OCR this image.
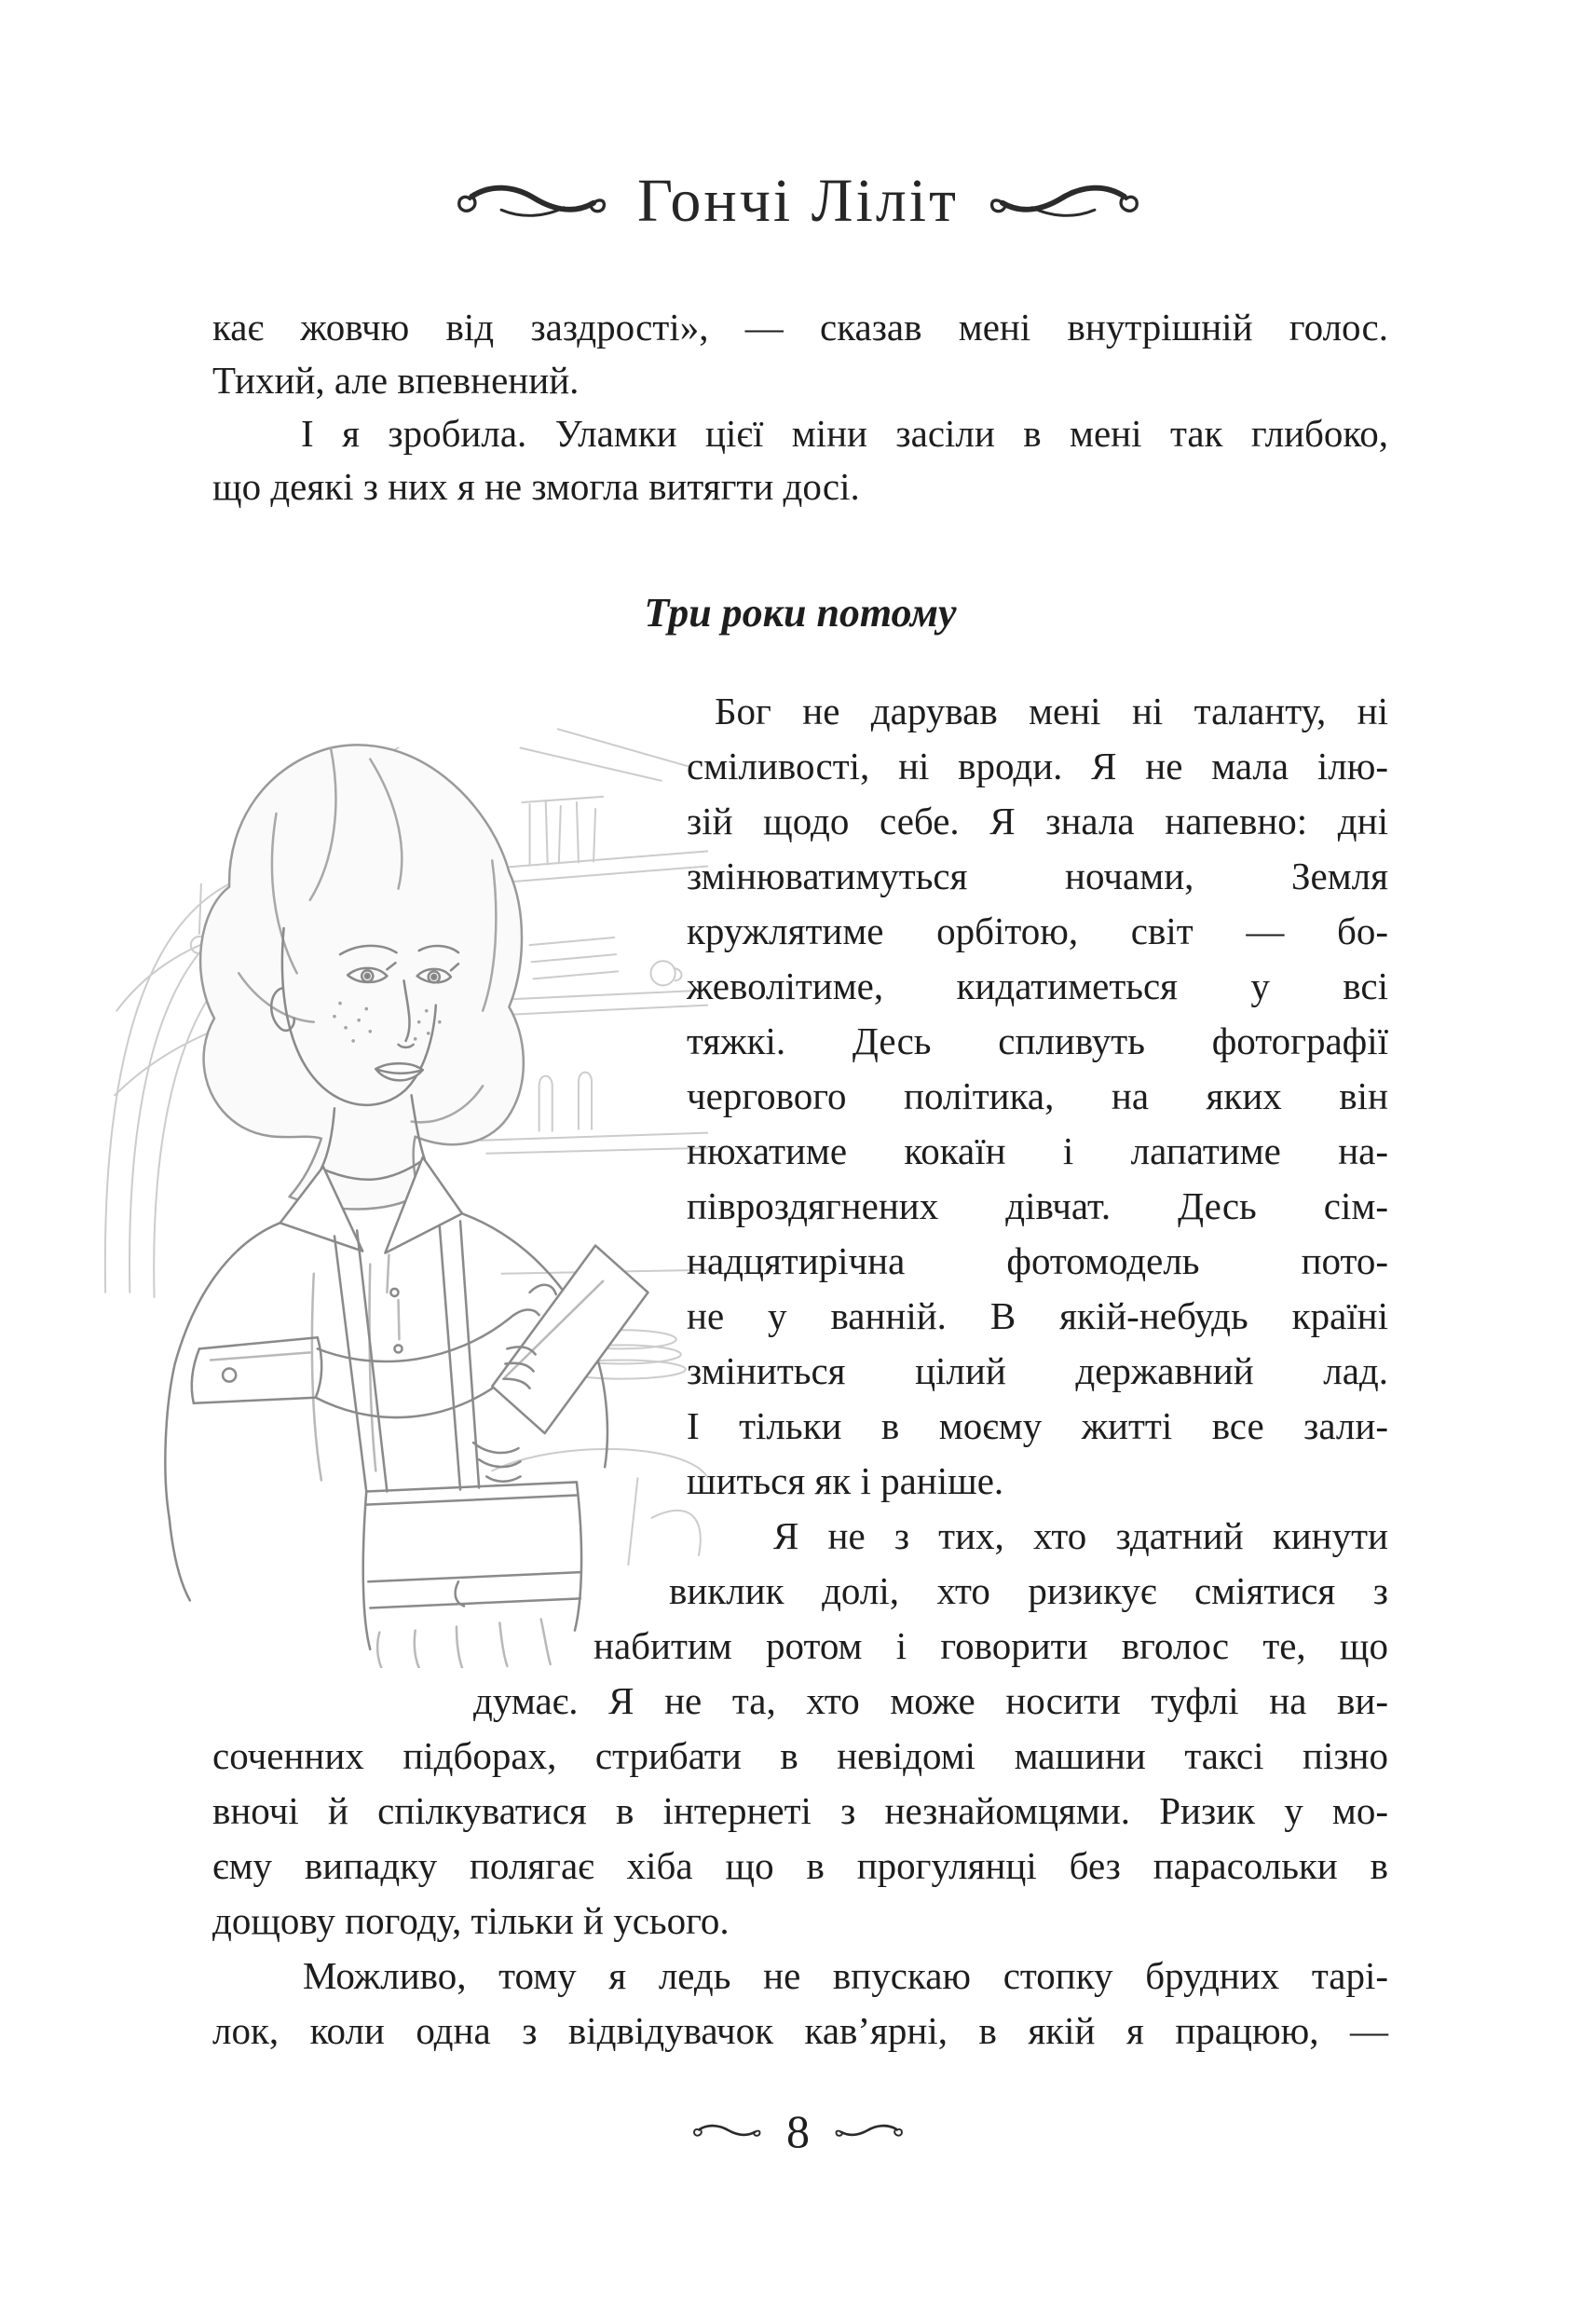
Гончі Ліліт
кає жовчю від заздрості», — сказав мені внутрішній голос.
Тихий, але впевнений.
І я зробила. Уламки цієї міни засіли в мені так глибоко,
що деякі з них я не змогла витягти досі.
Три роки потому
Бог не дарував мені ні таланту, ні
сміливості, ні вроди. Я не мала ілю-
зій щодо себе. Я знала напевно: дні
змінюватимуться ночами, Земля
кружлятиме орбітою, світ — бо-
жеволітиме, кидатиметься у всі
тяжкі. Десь спливуть фотографії
чергового політика, на яких він
нюхатиме кокаїн і лапатиме на-
півроздягнених дівчат. Десь сім-
надцятирічна фотомодель пото-
не у ванній. В якій-небудь країні
зміниться цілий державний лад.
І тільки в моєму житті все зали-
шиться як і раніше.
Я не з тих, хто здатний кинути
виклик долі, хто ризикує сміятися з
набитим ротом і говорити вголос те, що
думає. Я не та, хто може носити туфлі на ви-
соченних підборах, стрибати в невідомі машини таксі пізно
вночі й спілкуватися в інтернеті з незнайомцями. Ризик у мо-
єму випадку полягає хіба що в прогулянці без парасольки в
дощову погоду, тільки й усього.
Можливо, тому я ледь не впускаю стопку брудних тарі-
лок, коли одна з відвідувачок кав’ярні, в якій я працюю, —
8
